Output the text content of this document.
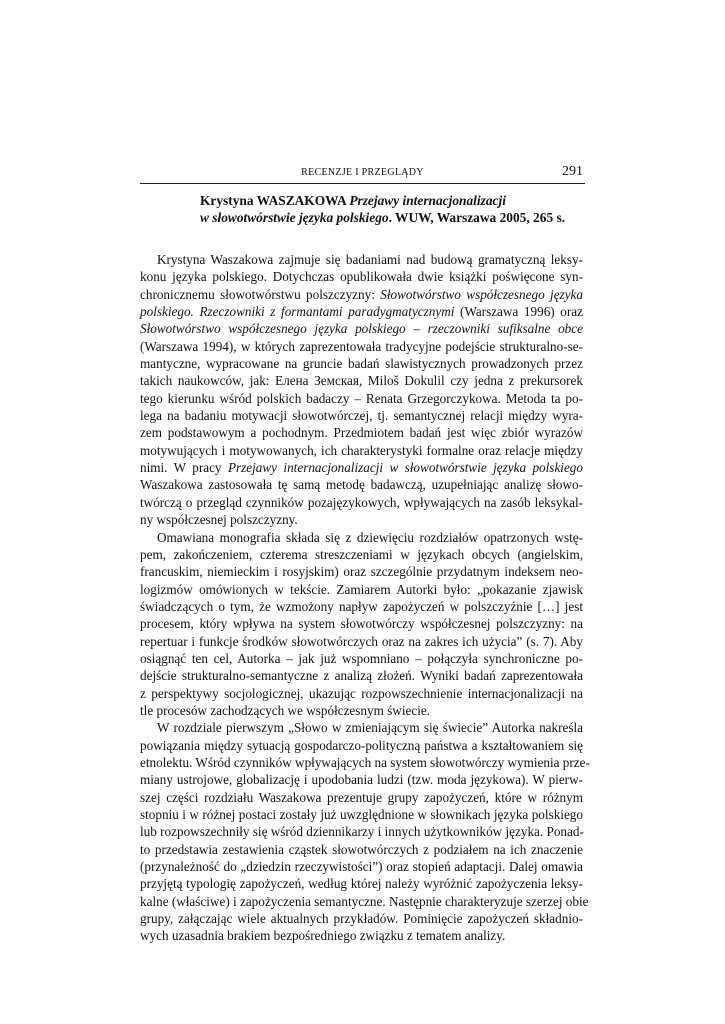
RECENZJE I PRZEGLĄDY	291
Krystyna WASZAKOWA Przejawy internacjonalizacji
w słowotwórstwie języka polskiego. WUW, Warszawa 2005, 265 s.
Krystyna Waszakowa zajmuje się badaniami nad budową gramatyczną leksy-
konu języka polskiego. Dotychczas opublikowała dwie książki poświęcone syn-
chronicznemu słowotwórstwu polszczyzny: Słowotwórstwo współczesnego języka
polskiego. Rzeczowniki z formantami paradygmatycznymi (Warszawa 1996) oraz
Słowotwórstwo współczesnego języka polskiego – rzeczowniki sufiksalne obce
(Warszawa 1994), w których zaprezentowała tradycyjne podejście strukturalno-se-
mantyczne, wypracowane na gruncie badań slawistycznych prowadzonych przez
takich naukowców, jak: Елена Земская, Miloš Dokulil czy jedna z prekursorek
tego kierunku wśród polskich badaczy – Renata Grzegorczykowa. Metoda ta po-
lega na badaniu motywacji słowotwórczej, tj. semantycznej relacji między wyra-
zem podstawowym a pochodnym. Przedmiotem badań jest więc zbiór wyrazów
motywujących i motywowanych, ich charakterystyki formalne oraz relacje między
nimi. W pracy Przejawy internacjonalizacji w słowotwórstwie języka polskiego
Waszakowa zastosowała tę samą metodę badawczą, uzupełniając analizę słowo-
twórczą o przegląd czynników pozajęzykowych, wpływających na zasób leksykal-
ny współczesnej polszczyzny.
Omawiana monografia składa się z dziewięciu rozdziałów opatrzonych wstę-
pem, zakończeniem, czterema streszczeniami w językach obcych (angielskim,
francuskim, niemieckim i rosyjskim) oraz szczególnie przydatnym indeksem neo-
logizmów omówionych w tekście. Zamiarem Autorki było: „pokazanie zjawisk
świadczących o tym, że wzmożony napływ zapożyczeń w polszczyźnie […] jest
procesem, który wpływa na system słowotwórczy współczesnej polszczyzny: na
repertuar i funkcje środków słowotwórczych oraz na zakres ich użycia” (s. 7). Aby
osiągnąć ten cel, Autorka – jak już wspomniano – połączyła synchroniczne po-
dejście strukturalno-semantyczne z analizą złożeń. Wyniki badań zaprezentowała
z perspektywy socjologicznej, ukazując rozpowszechnienie internacjonalizacji na
tle procesów zachodzących we współczesnym świecie.
W rozdziale pierwszym „Słowo w zmieniającym się świecie” Autorka nakreśla
powiązania między sytuacją gospodarczo-polityczną państwa a kształtowaniem się
etnolektu. Wśród czynników wpływających na system słowotwórczy wymienia prze-
miany ustrojowe, globalizację i upodobania ludzi (tzw. moda językowa). W pierw-
szej części rozdziału Waszakowa prezentuje grupy zapożyczeń, które w różnym
stopniu i w różnej postaci zostały już uwzględnione w słownikach języka polskiego
lub rozpowszechniły się wśród dziennikarzy i innych użytkowników języka. Ponad-
to przedstawia zestawienia cząstek słowotwórczych z podziałem na ich znaczenie
(przynależność do „dziedzin rzeczywistości”) oraz stopień adaptacji. Dalej omawia
przyjętą typologię zapożyczeń, według której należy wyróżnić zapożyczenia leksy-
kalne (właściwe) i zapożyczenia semantyczne. Następnie charakteryzuje szerzej obie
grupy, załączając wiele aktualnych przykładów. Pominięcie zapożyczeń składnio-
wych uzasadnia brakiem bezpośredniego związku z tematem analizy.
